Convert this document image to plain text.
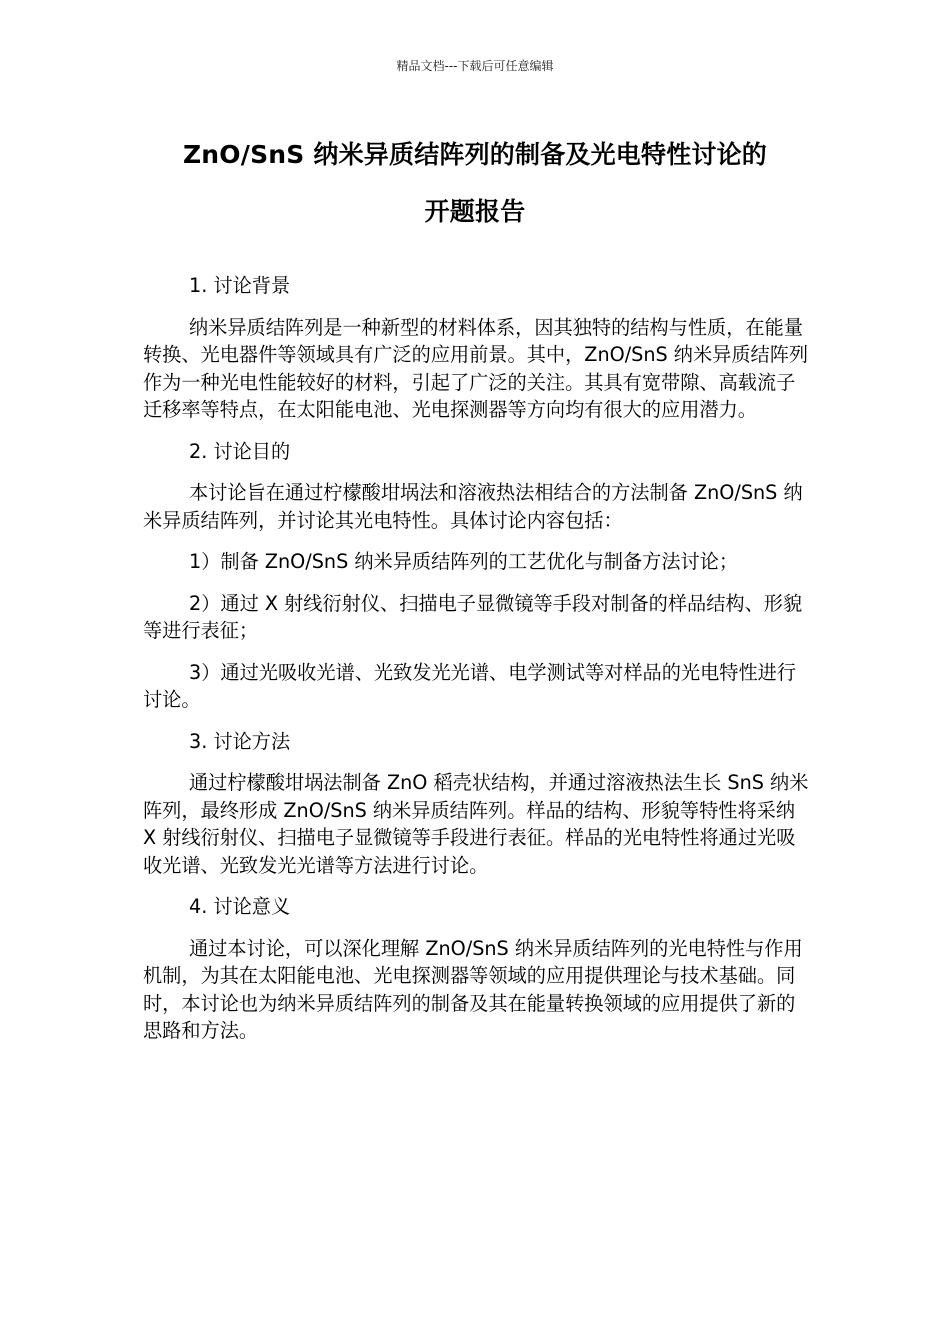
精品文档---下载后可任意编辑
ZnO/SnS 纳米异质结阵列的制备及光电特性讨论的
开题报告

1. 讨论背景

纳米异质结阵列是一种新型的材料体系，因其独特的结构与性质，在能量转换、光电器件等领域具有广泛的应用前景。其中，ZnO/SnS 纳米异质结阵列作为一种光电性能较好的材料，引起了广泛的关注。其具有宽带隙、高载流子迁移率等特点，在太阳能电池、光电探测器等方向均有很大的应用潜力。

2. 讨论目的

本讨论旨在通过柠檬酸坩埚法和溶液热法相结合的方法制备 ZnO/SnS 纳米异质结阵列，并讨论其光电特性。具体讨论内容包括：

1）制备 ZnO/SnS 纳米异质结阵列的工艺优化与制备方法讨论；

2）通过 X 射线衍射仪、扫描电子显微镜等手段对制备的样品结构、形貌等进行表征；

3）通过光吸收光谱、光致发光光谱、电学测试等对样品的光电特性进行讨论。

3. 讨论方法

通过柠檬酸坩埚法制备 ZnO 稻壳状结构，并通过溶液热法生长 SnS 纳米阵列，最终形成 ZnO/SnS 纳米异质结阵列。样品的结构、形貌等特性将采纳 X 射线衍射仪、扫描电子显微镜等手段进行表征。样品的光电特性将通过光吸收光谱、光致发光光谱等方法进行讨论。

4. 讨论意义

通过本讨论，可以深化理解 ZnO/SnS 纳米异质结阵列的光电特性与作用机制，为其在太阳能电池、光电探测器等领域的应用提供理论与技术基础。同时，本讨论也为纳米异质结阵列的制备及其在能量转换领域的应用提供了新的思路和方法。
